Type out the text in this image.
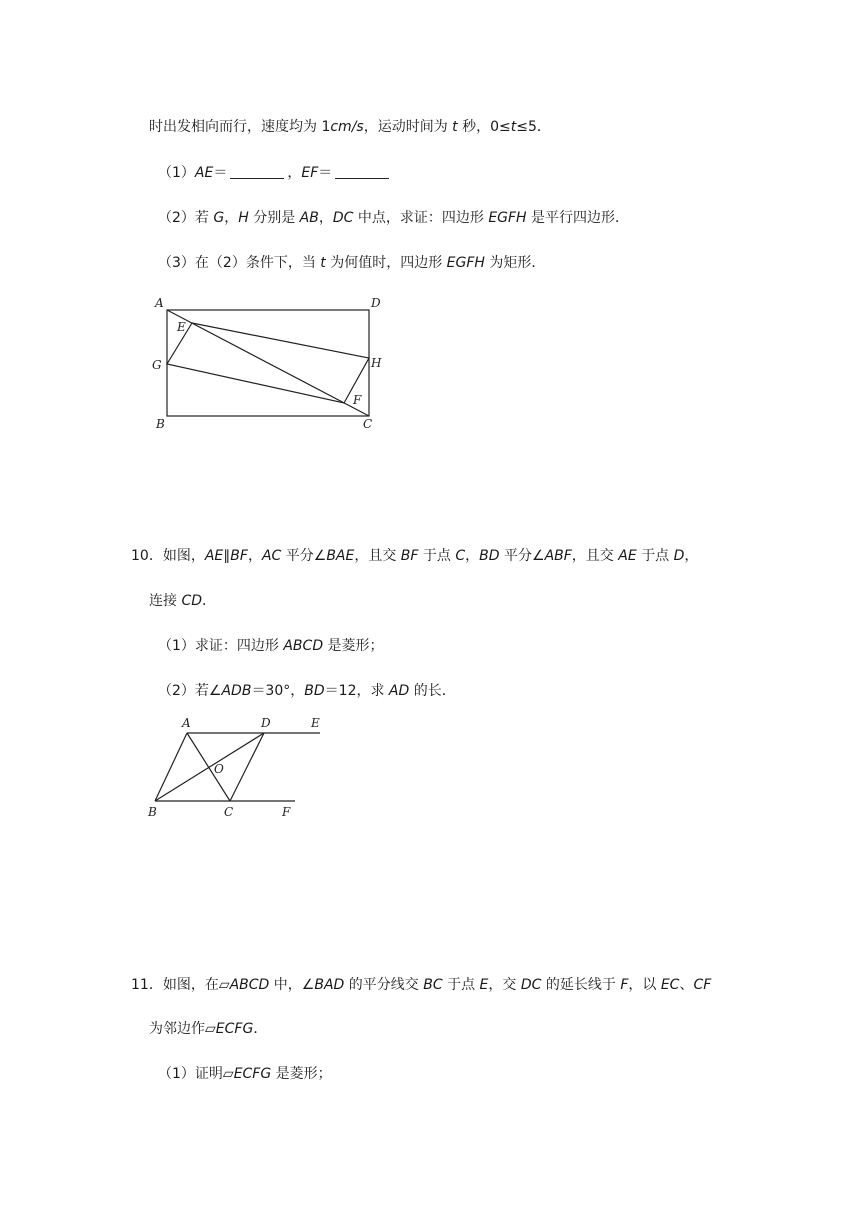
时出发相向而行，速度均为 1cm/s，运动时间为 t 秒，0≤t≤5．
（1）AE＝	，EF＝
（2）若 G，H 分别是 AB，DC 中点，求证：四边形 EGFH 是平行四边形．
（3）在（2）条件下，当 t 为何值时，四边形 EGFH 为矩形．
A	D
E
G	H
F
B	C
10．如图，AE∥BF，AC 平分∠BAE，且交 BF 于点 C，BD 平分∠ABF，且交 AE 于点 D，
连接 CD．
（1）求证：四边形 ABCD 是菱形；
（2）若∠ADB＝30°，BD＝12，求 AD 的长．
A	D	E
O
B	C	F
11．如图，在▱ABCD 中，∠BAD 的平分线交 BC 于点 E，交 DC 的延长线于 F，以 EC、CF
为邻边作▱ECFG．
（1）证明▱ECFG 是菱形；
